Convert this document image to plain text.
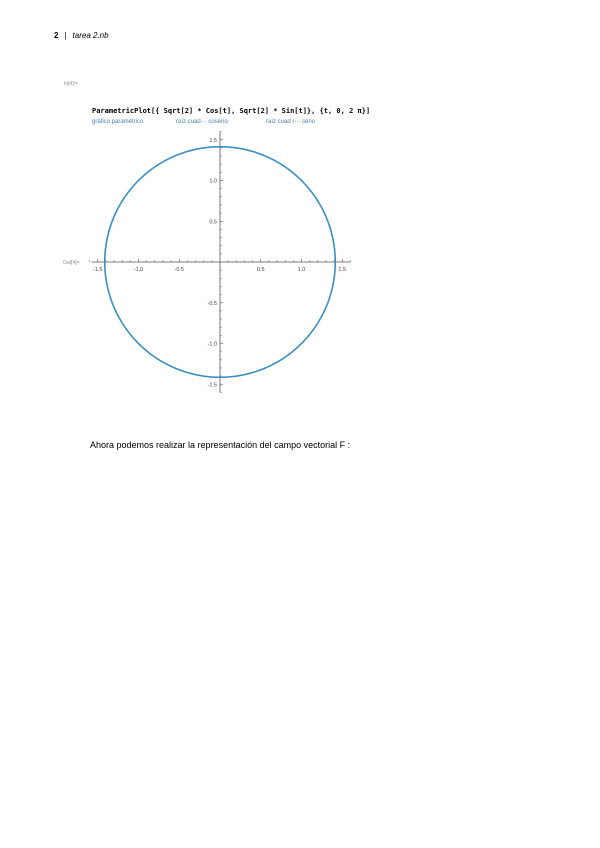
2 | tarea 2.nb
In[4]:=
ParametricPlot[{ Sqrt[2] * Cos[t], Sqrt[2] * Sin[t]}, {t, 0, 2 π}]
gráfico paramétrico	raíz cuad··· coseno	raíz cuad r··· seno
Out[4]=
-1.5	-1.0	-0.5	0.5	1.0	1.5
1.5
1.0
0.5
-0.5
-1.0
-1.5
Ahora podemos realizar la representación del campo vectorial F :
